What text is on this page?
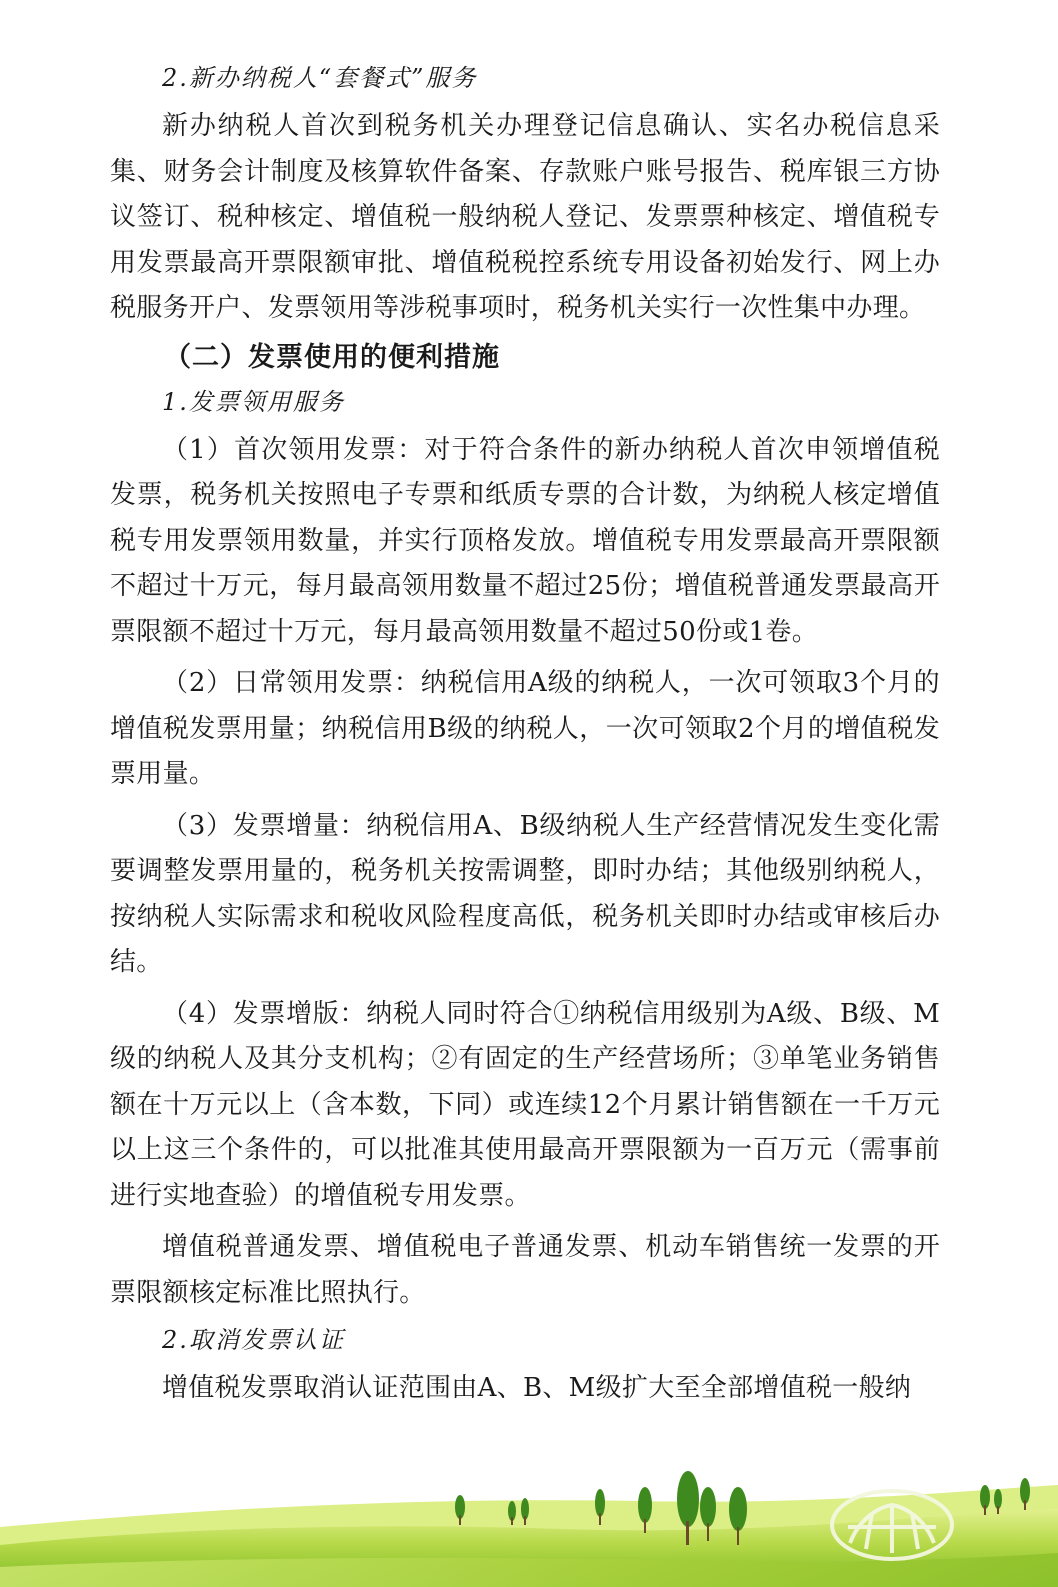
2.新办纳税人“套餐式”服务

新办纳税人首次到税务机关办理登记信息确认、实名办税信息采集、财务会计制度及核算软件备案、存款账户账号报告、税库银三方协议签订、税种核定、增值税一般纳税人登记、发票票种核定、增值税专用发票最高开票限额审批、增值税税控系统专用设备初始发行、网上办税服务开户、发票领用等涉税事项时，税务机关实行一次性集中办理。

（二）发票使用的便利措施
1.发票领用服务

（1）首次领用发票：对于符合条件的新办纳税人首次申领增值税发票，税务机关按照电子专票和纸质专票的合计数，为纳税人核定增值税专用发票领用数量，并实行顶格发放。增值税专用发票最高开票限额不超过十万元，每月最高领用数量不超过25份；增值税普通发票最高开票限额不超过十万元，每月最高领用数量不超过50份或1卷。

（2）日常领用发票：纳税信用A级的纳税人，一次可领取3个月的增值税发票用量；纳税信用B级的纳税人，一次可领取2个月的增值税发票用量。

（3）发票增量：纳税信用A、B级纳税人生产经营情况发生变化需要调整发票用量的，税务机关按需调整，即时办结；其他级别纳税人，按纳税人实际需求和税收风险程度高低，税务机关即时办结或审核后办结。

（4）发票增版：纳税人同时符合①纳税信用级别为A级、B级、M级的纳税人及其分支机构；②有固定的生产经营场所；③单笔业务销售额在十万元以上（含本数，下同）或连续12个月累计销售额在一千万元以上这三个条件的，可以批准其使用最高开票限额为一百万元（需事前进行实地查验）的增值税专用发票。

增值税普通发票、增值税电子普通发票、机动车销售统一发票的开票限额核定标准比照执行。

2.取消发票认证

增值税发票取消认证范围由A、B、M级扩大至全部增值税一般纳
